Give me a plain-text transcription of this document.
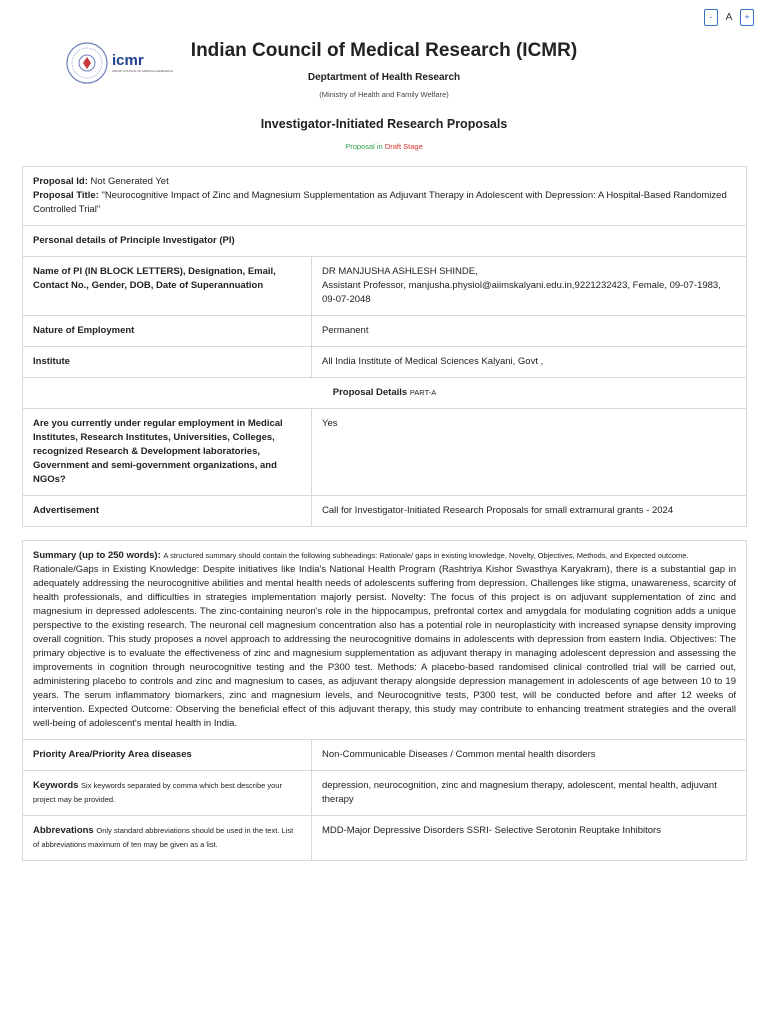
-	A	+
icmr
INDIAN COUNCIL OF MEDICAL RESEARCH
Indian Council of Medical Research (ICMR)
Deptartment of Health Research
(Ministry of Health and Family Welfare)
Investigator-Initiated Research Proposals
Proposal in Draft Stage
Proposal Id: Not Generated Yet
Proposal Title: "Neurocognitive Impact of Zinc and Magnesium Supplementation as Adjuvant Therapy in Adolescent with Depression: A Hospital-Based Randomized Controlled Trial"	

Personal details of Principle Investigator (PI)	
Name of PI (IN BLOCK LETTERS), Designation, Email, Contact No., Gender, DOB, Date of Superannuation	DR MANJUSHA ASHLESH SHINDE,
Assistant Professor, manjusha.physiol@aiimskalyani.edu.in,9221232423, Female, 09-07-1983, 09-07-2048

Nature of Employment	Permanent
Institute	All India Institute of Medical Sciences Kalyani, Govt ,
Proposal Details PART-A	
Are you currently under regular employment in Medical Institutes, Research Institutes, Universities, Colleges, recognized Research & Development laboratories, Government and semi-government organizations, and NGOs?	Yes
Advertisement	Call for Investigator-Initiated Research Proposals for small extramural grants - 2024
Summary (up to 250 words): A structured summary should contain the following subheadings: Rationale/ gaps in existing knowledge, Novelty, Objectives, Methods, and Expected outcome.
Rationale/Gaps in Existing Knowledge: Despite initiatives like India's National Health Program (Rashtriya Kishor Swasthya Karyakram), there is a substantial gap in adequately addressing the neurocognitive abilities and mental health needs of adolescents suffering from depression. Challenges like stigma, unawareness, scarcity of health professionals, and difficulties in strategies implementation majorly persist. Novelty: The focus of this project is on adjuvant supplementation of zinc and magnesium in depressed adolescents. The zinc-containing neuron's role in the hippocampus, prefrontal cortex and amygdala for modulating cognition adds a unique perspective to the existing research. The neuronal cell magnesium concentration also has a potential role in neuroplasticity with increased synapse density improving overall cognition. This study proposes a novel approach to addressing the neurocognitive domains in adolescents with depression from eastern India. Objectives: The primary objective is to evaluate the effectiveness of zinc and magnesium supplementation as adjuvant therapy in managing adolescent depression and assessing the improvements in cognition through neurocognitive testing and the P300 test. Methods: A placebo-based randomised clinical controlled trial will be carried out, administering placebo to controls and zinc and magnesium to cases, as adjuvant therapy alongside depression management in adolescents of age between 10 to 19 years. The serum inflammatory biomarkers, zinc and magnesium levels, and Neurocognitive tests, P300 test, will be conducted before and after 12 weeks of intervention. Expected Outcome: Observing the beneficial effect of this adjuvant therapy, this study may contribute to enhancing treatment strategies and the overall well-being of adolescent's mental health in India.	

Priority Area/Priority Area diseases	Non-Communicable Diseases / Common mental health disorders
Keywords Six keywords separated by comma which best describe your project may be provided.	depression, neurocognition, zinc and magnesium therapy, adolescent, mental health, adjuvant therapy
Abbrevations Only standard abbreviations should be used in the text. List of abbreviations maximum of ten may be given as a list.	MDD-Major Depressive Disorders SSRI- Selective Serotonin Reuptake Inhibitors
